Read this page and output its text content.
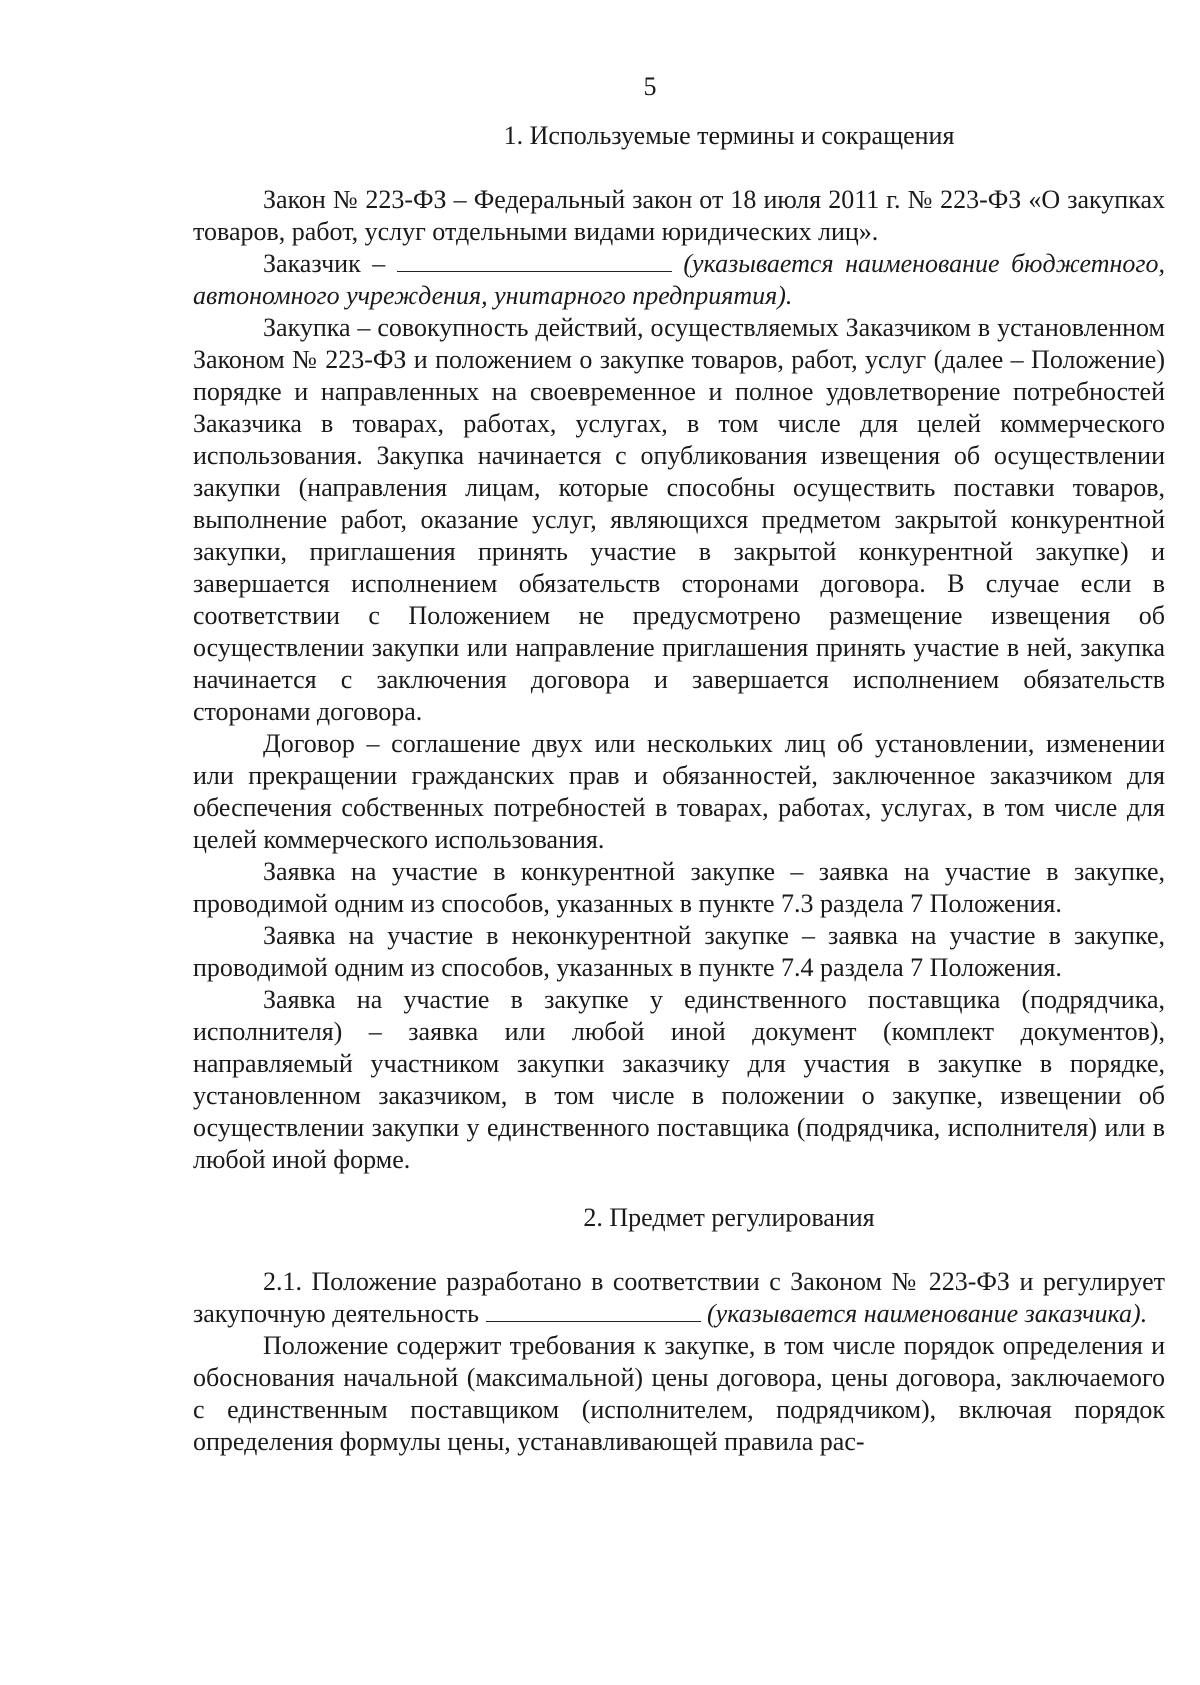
5
1. Используемые термины и сокращения

Закон № 223-ФЗ – Федеральный закон от 18 июля 2011 г. № 223-ФЗ «О закупках товаров, работ, услуг отдельными видами юридических лиц».

Заказчик –	(указывается наименование бюджетного, автономного учреждения, унитарного предприятия).

Закупка – совокупность действий, осуществляемых Заказчиком в установленном Законом № 223-ФЗ и положением о закупке товаров, работ, услуг (далее – Положение) порядке и направленных на своевременное и полное удовлетворение потребностей Заказчика в товарах, работах, услугах, в том числе для целей коммерческого использования. Закупка начинается с опубликования извещения об осуществлении закупки (направления лицам, которые способны осуществить поставки товаров, выполнение работ, оказание услуг, являющихся предметом закрытой конкурентной закупки, приглашения принять участие в закрытой конкурентной закупке) и завершается исполнением обязательств сторонами договора. В случае если в соответствии с Положением не предусмотрено размещение извещения об осуществлении закупки или направление приглашения принять участие в ней, закупка начинается с заключения договора и завершается исполнением обязательств сторонами договора.

Договор – соглашение двух или нескольких лиц об установлении, изменении или прекращении гражданских прав и обязанностей, заключенное заказчиком для обеспечения собственных потребностей в товарах, работах, услугах, в том числе для целей коммерческого использования.

Заявка на участие в конкурентной закупке – заявка на участие в закупке, проводимой одним из способов, указанных в пункте 7.3 раздела 7 Положения.

Заявка на участие в неконкурентной закупке – заявка на участие в закупке, проводимой одним из способов, указанных в пункте 7.4 раздела 7 Положения.

Заявка на участие в закупке у единственного поставщика (подрядчика, исполнителя) – заявка или любой иной документ (комплект документов), направляемый участником закупки заказчику для участия в закупке в порядке, установленном заказчиком, в том числе в положении о закупке, извещении об осуществлении закупки у единственного поставщика (подрядчика, исполнителя) или в любой иной форме.

2. Предмет регулирования

2.1. Положение разработано в соответствии с Законом № 223-ФЗ и регулирует закупочную деятельность	(указывается наименование заказчика).

Положение содержит требования к закупке, в том числе порядок определения и обоснования начальной (максимальной) цены договора, цены договора, заключаемого с единственным поставщиком (исполнителем, подрядчиком), включая порядок определения формулы цены, устанавливающей правила рас-
